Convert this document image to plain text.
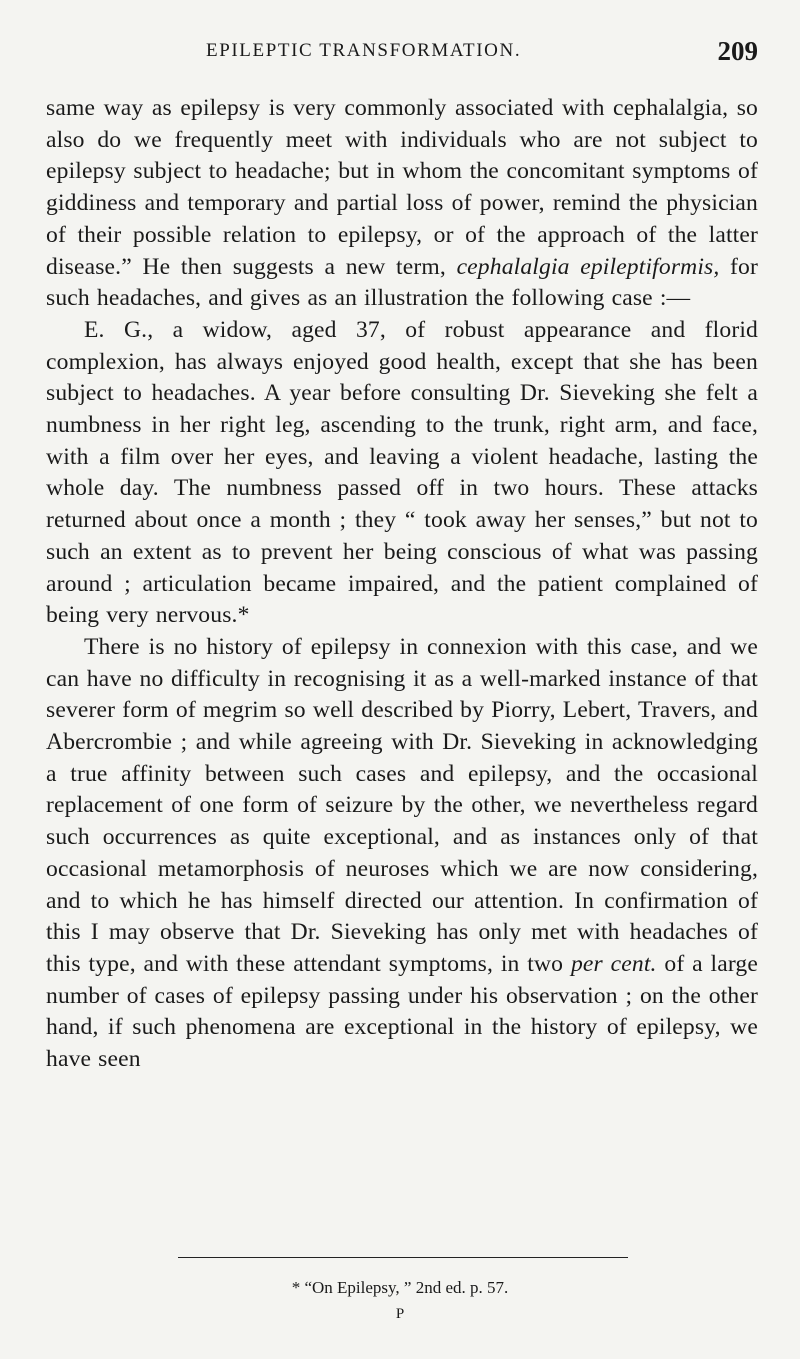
EPILEPTIC TRANSFORMATION.	209

same way as epilepsy is very commonly associated with cephalalgia, so also do we frequently meet with individuals who are not subject to epilepsy subject to headache; but in whom the concomitant symptoms of giddiness and temporary and partial loss of power, remind the physician of their possible relation to epilepsy, or of the approach of the latter disease.” He then suggests a new term, cephalalgia epileptiformis, for such headaches, and gives as an illustration the following case :—

E. G., a widow, aged 37, of robust appearance and florid complexion, has always enjoyed good health, except that she has been subject to headaches. A year before consulting Dr. Sieveking she felt a numbness in her right leg, ascending to the trunk, right arm, and face, with a film over her eyes, and leaving a violent headache, lasting the whole day. The numbness passed off in two hours. These attacks returned about once a month ; they “ took away her senses,” but not to such an extent as to prevent her being conscious of what was passing around ; articulation became impaired, and the patient complained of being very nervous.*

There is no history of epilepsy in connexion with this case, and we can have no difficulty in recognising it as a well-marked instance of that severer form of megrim so well described by Piorry, Lebert, Travers, and Abercrombie ; and while agreeing with Dr. Sieveking in acknowledging a true affinity between such cases and epilepsy, and the occasional replacement of one form of seizure by the other, we nevertheless regard such occurrences as quite exceptional, and as instances only of that occasional metamorphosis of neuroses which we are now considering, and to which he has himself directed our attention. In confirmation of this I may observe that Dr. Sieveking has only met with headaches of this type, and with these attendant symptoms, in two per cent. of a large number of cases of epilepsy passing under his observation ; on the other hand, if such phenomena are exceptional in the history of epilepsy, we have seen

* “On Epilepsy, ” 2nd ed. p. 57.
P
